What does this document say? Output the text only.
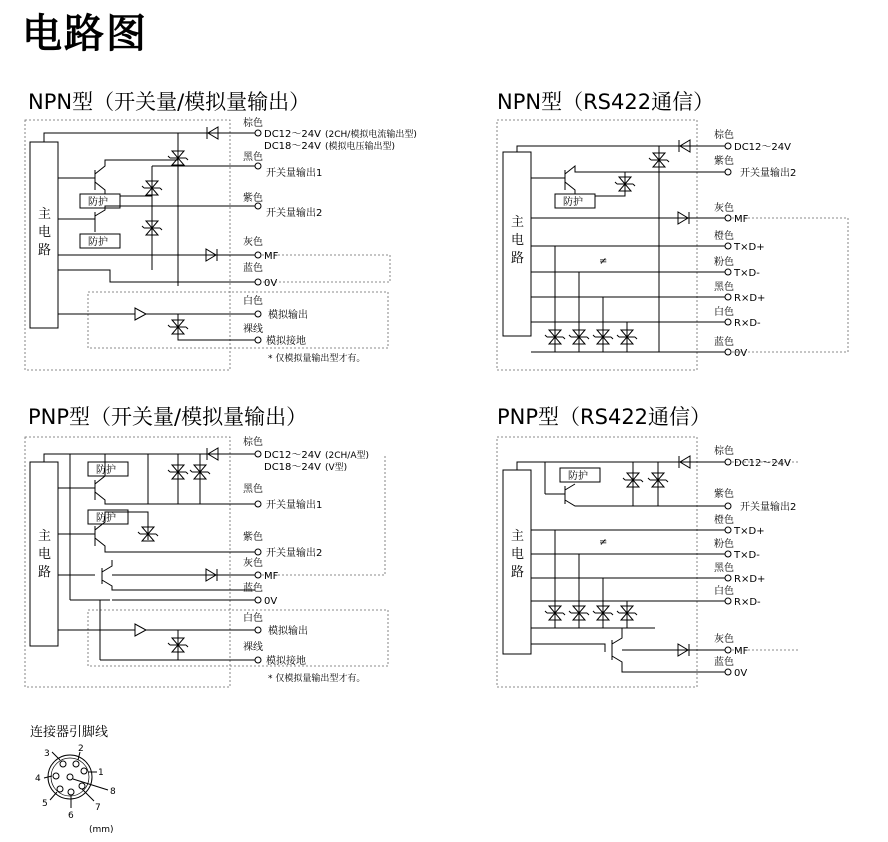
电路图
NPN型（开关量/模拟量输出）	NPN型（RS422通信）
PNP型（开关量/模拟量输出）	PNP型（RS422通信）
主
电
路
防护
防护
棕色
DC12～24V (2CH/模拟电流输出型)
DC18～24V (模拟电压输出型)
黑色
开关量输出1
紫色
开关量输出2
灰色
MF
蓝色
0V
白色
模拟输出
裸线
模拟接地
* 仅模拟量输出型才有。
主
电
路
防护
≠
棕色
DC12～24V
紫色
开关量输出2
灰色
MF
橙色
T×D+
粉色
T×D-
黑色
R×D+
白色
R×D-
蓝色
0V
主
电
路
防护
防护
棕色
DC12～24V (2CH/A型)
DC18～24V (V型)
黑色
开关量输出1
紫色
开关量输出2
灰色
MF
蓝色
0V
白色
模拟输出
裸线
模拟接地
* 仅模拟量输出型才有。
主
电
路
防护
≠
棕色
DC12～24V
紫色
开关量输出2
橙色
T×D+
粉色
T×D-
黑色
R×D+
白色
R×D-
灰色
MF
蓝色
0V
1
2
3
4
5
6
7
8
(mm)
连接器引脚线
